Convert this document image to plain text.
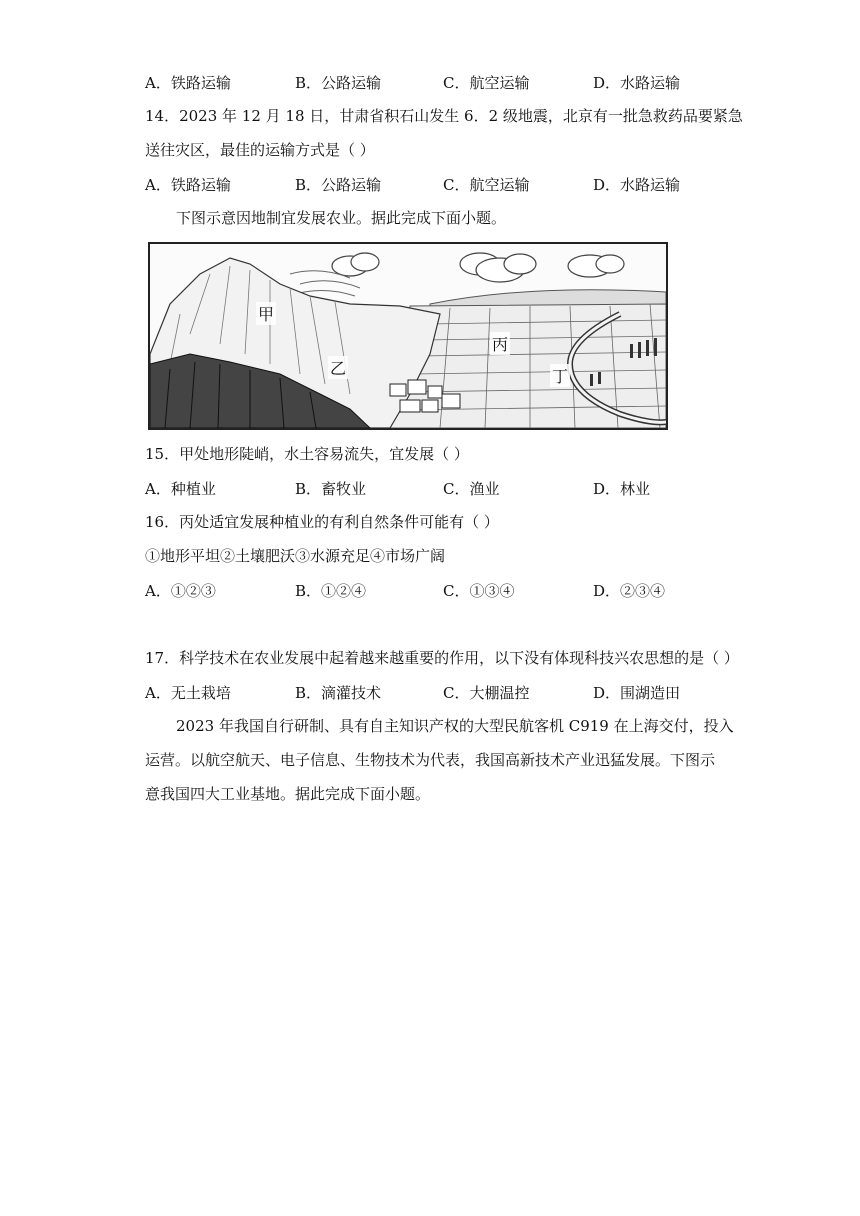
A．铁路运输	B．公路运输	C．航空运输	D．水路运输
14．2023 年 12 月 18 日，甘肃省积石山发生 6．2 级地震，北京有一批急救药品要紧急
送往灾区，最佳的运输方式是（ ）
A．铁路运输	B．公路运输	C．航空运输	D．水路运输
下图示意因地制宜发展农业。据此完成下面小题。
甲
乙
丙
丁
15．甲处地形陡峭，水土容易流失，宜发展（ ）
A．种植业	B．畜牧业	C．渔业	D．林业
16．丙处适宜发展种植业的有利自然条件可能有（ ）
①地形平坦②土壤肥沃③水源充足④市场广阔
A．①②③	B．①②④	C．①③④	D．②③④
17．科学技术在农业发展中起着越来越重要的作用，以下没有体现科技兴农思想的是（ ）
A．无土栽培	B．滴灌技术	C．大棚温控	D．围湖造田
2023 年我国自行研制、具有自主知识产权的大型民航客机 C919 在上海交付，投入
运营。以航空航天、电子信息、生物技术为代表，我国高新技术产业迅猛发展。下图示
意我国四大工业基地。据此完成下面小题。
